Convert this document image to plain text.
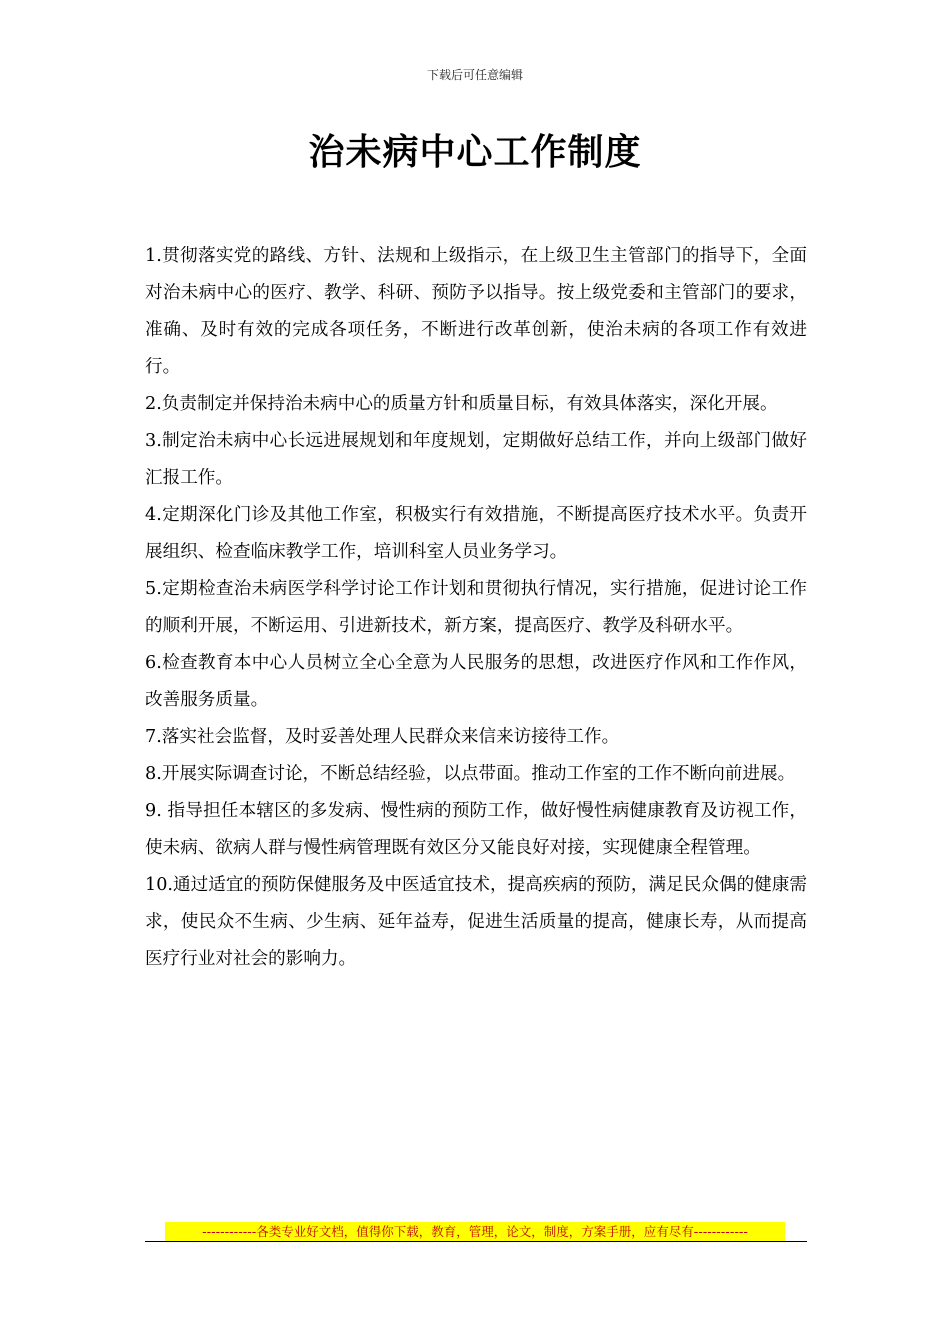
下载后可任意编辑
治未病中心工作制度

1.贯彻落实党的路线、方针、法规和上级指示，在上级卫生主管部门的指导下，全面对治未病中心的医疗、教学、科研、预防予以指导。按上级党委和主管部门的要求，准确、及时有效的完成各项任务，不断进行改革创新，使治未病的各项工作有效进行。

2.负责制定并保持治未病中心的质量方针和质量目标，有效具体落实，深化开展。

3.制定治未病中心长远进展规划和年度规划，定期做好总结工作，并向上级部门做好汇报工作。

4.定期深化门诊及其他工作室，积极实行有效措施，不断提高医疗技术水平。负责开展组织、检查临床教学工作，培训科室人员业务学习。

5.定期检查治未病医学科学讨论工作计划和贯彻执行情况，实行措施，促进讨论工作的顺利开展，不断运用、引进新技术，新方案，提高医疗、教学及科研水平。

6.检查教育本中心人员树立全心全意为人民服务的思想，改进医疗作风和工作作风，改善服务质量。

7.落实社会监督，及时妥善处理人民群众来信来访接待工作。

8.开展实际调查讨论，不断总结经验，以点带面。推动工作室的工作不断向前进展。

9. 指导担任本辖区的多发病、慢性病的预防工作，做好慢性病健康教育及访视工作，使未病、欲病人群与慢性病管理既有效区分又能良好对接，实现健康全程管理。

10.通过适宜的预防保健服务及中医适宜技术，提高疾病的预防，满足民众偶的健康需求，使民众不生病、少生病、延年益寿，促进生活质量的提高，健康长寿，从而提高医疗行业对社会的影响力。

------------各类专业好文档，值得你下载，教育，管理，论文，制度，方案手册，应有尽有------------
